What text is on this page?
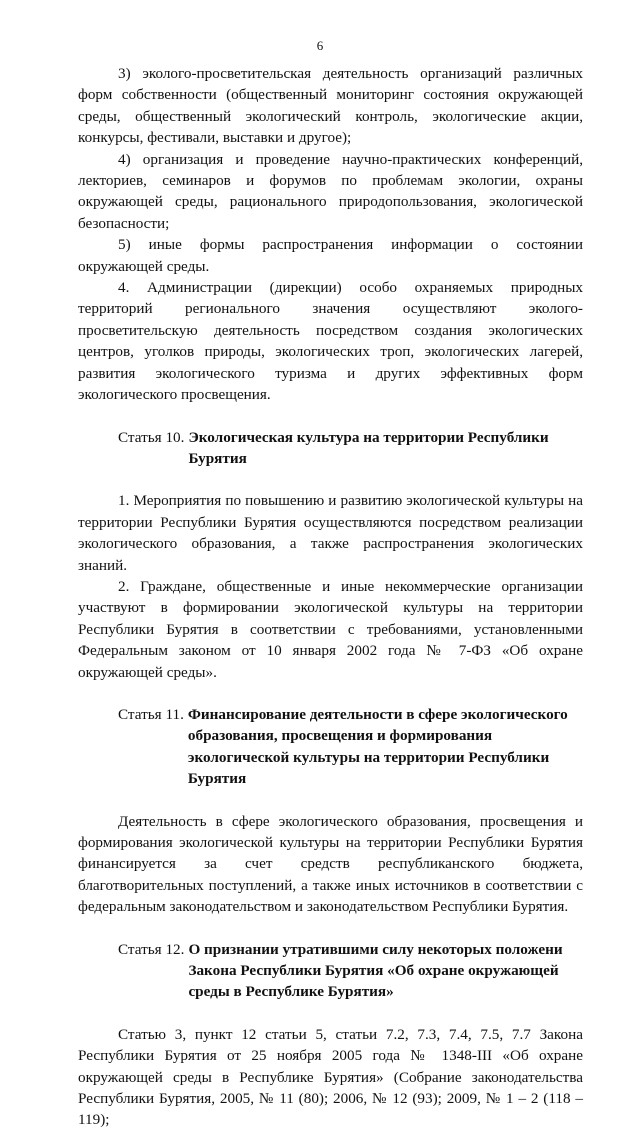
6

3) эколого-просветительская деятельность организаций различных форм собственности (общественный мониторинг состояния окружающей среды, общественный экологический контроль, экологические акции, конкурсы, фестивали, выставки и другое);

4) организация и проведение научно-практических конференций, лекториев, семинаров и форумов по проблемам экологии, охраны окружающей среды, рационального природопользования, экологической безопасности;

5) иные формы распространения информации о состоянии окружающей среды.

4. Администрации (дирекции) особо охраняемых природных территорий регионального значения осуществляют эколого-просветительскую деятельность посредством создания экологических центров, уголков природы, экологических троп, экологических лагерей, развития экологического туризма и других эффективных форм экологического просвещения.

Статья 10. Экологическая культура на территории Республики Бурятия

1. Мероприятия по повышению и развитию экологической культуры на территории Республики Бурятия осуществляются посредством реализации экологического образования, а также распространения экологических знаний.

2. Граждане, общественные и иные некоммерческие организации участвуют в формировании экологической культуры на территории Республики Бурятия в соответствии с требованиями, установленными Федеральным законом от 10 января 2002 года № 7-ФЗ «Об охране окружающей среды».

Статья 11. Финансирование деятельности в сфере экологического образования, просвещения и формирования экологической культуры на территории Республики Бурятия

Деятельность в сфере экологического образования, просвещения и формирования экологической культуры на территории Республики Бурятия финансируется за счет средств республиканского бюджета, благотворительных поступлений, а также иных источников в соответствии с федеральным законодательством и законодательством Республики Бурятия.

Статья 12. О признании утратившими силу некоторых положени Закона Республики Бурятия «Об охране окружающей среды в Республике Бурятия»

Статью 3, пункт 12 статьи 5, статьи 7.2, 7.3, 7.4, 7.5, 7.7 Закона Республики Бурятия от 25 ноября 2005 года № 1348-III «Об охране окружающей среды в Республике Бурятия» (Собрание законодательства Республики Бурятия, 2005, № 11 (80); 2006, № 12 (93); 2009, № 1 – 2 (118 – 119);
